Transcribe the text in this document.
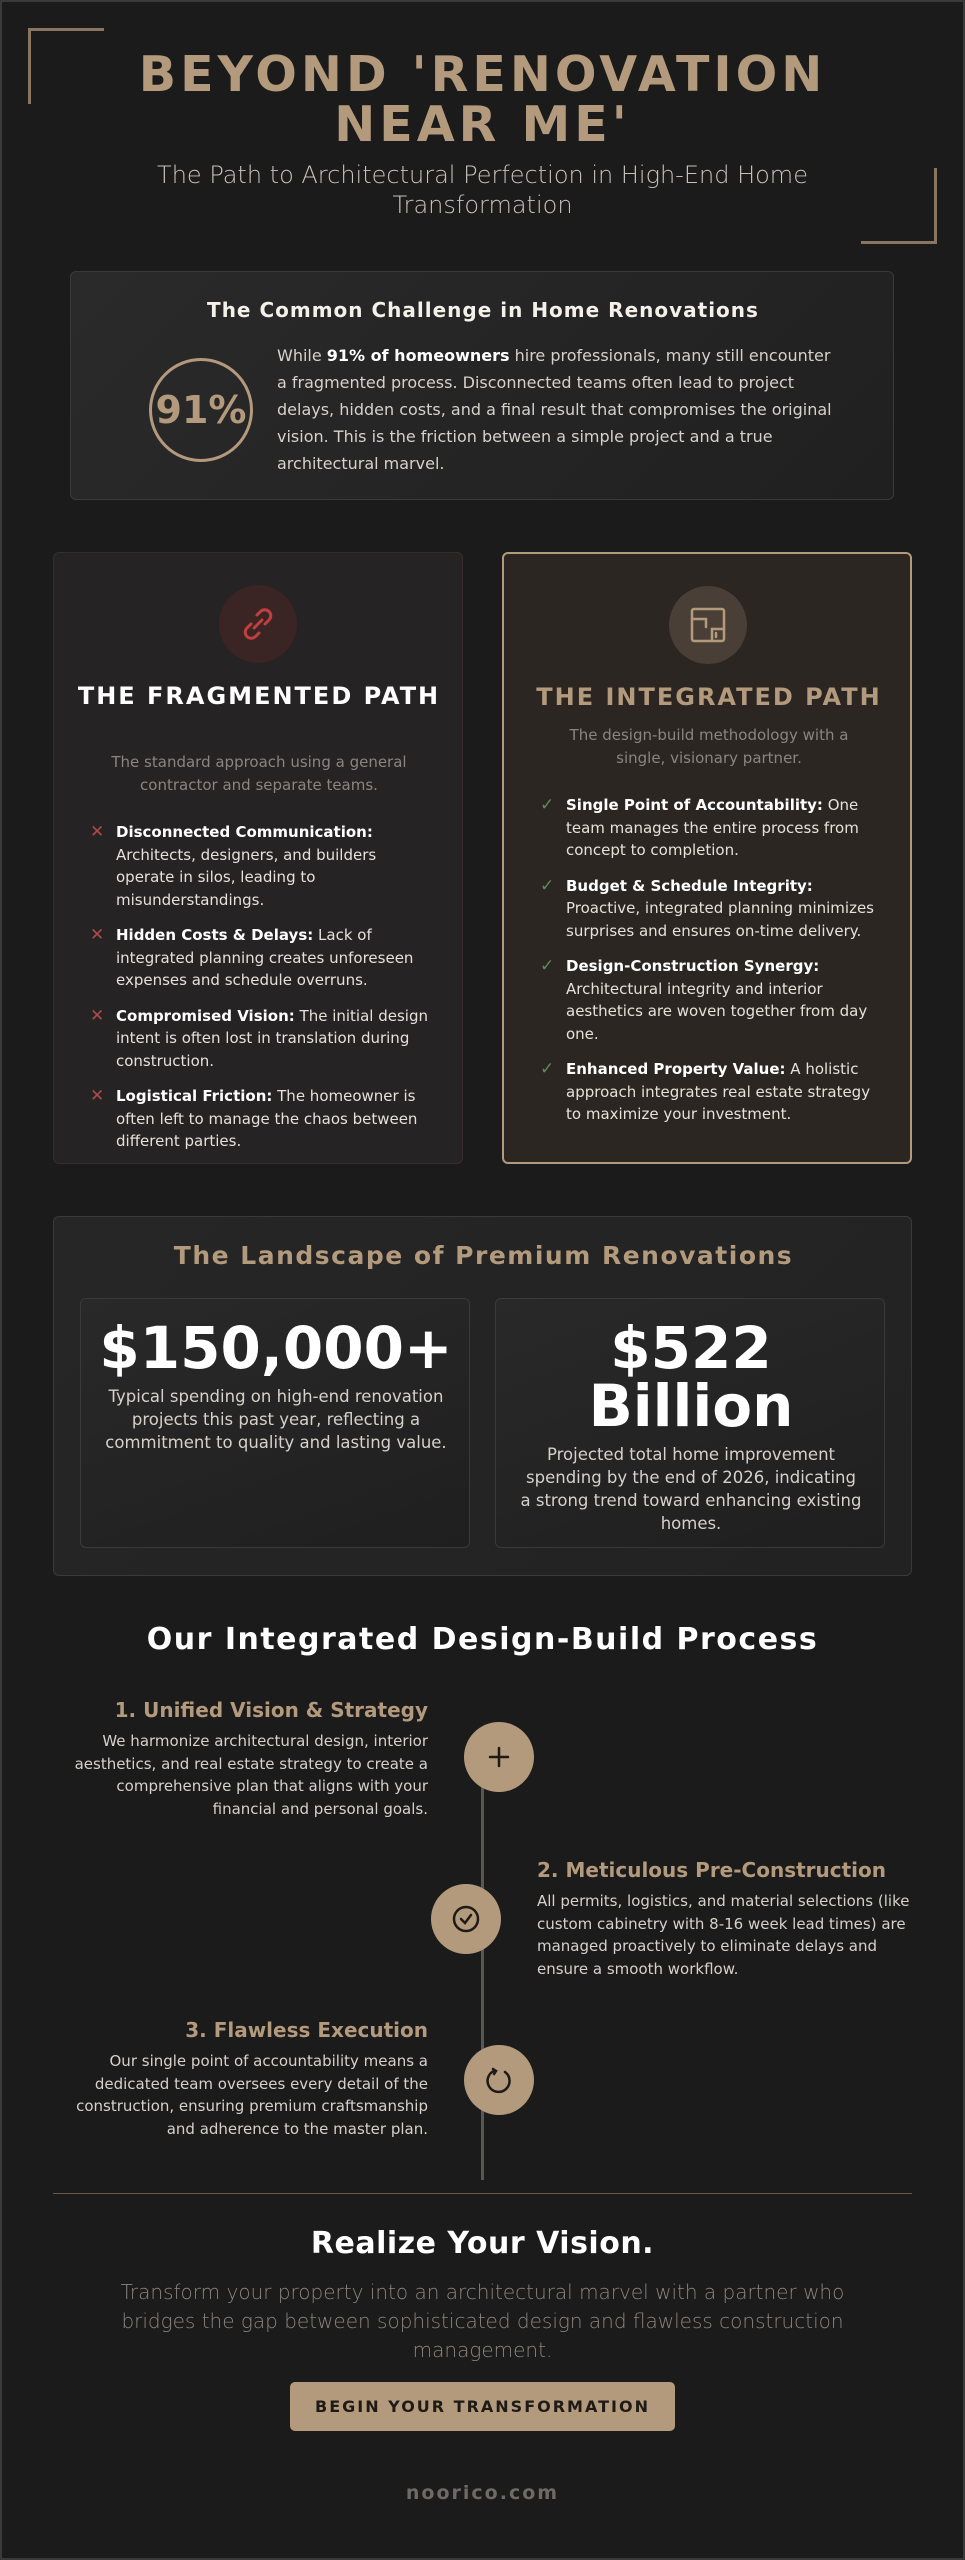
BEYOND 'RENOVATION NEAR ME'

The Path to Architectural Perfection in High-End Home Transformation

The Common Challenge in Home Renovations
91%

While 91% of homeowners hire professionals, many still encounter a fragmented process. Disconnected teams often lead to project delays, hidden costs, and a final result that compromises the original vision. This is the friction between a simple project and a true architectural marvel.

THE FRAGMENTED PATH

The standard approach using a general contractor and separate teams.

✕ Disconnected Communication: Architects, designers, and builders operate in silos, leading to misunderstandings.
✕ Hidden Costs & Delays: Lack of integrated planning creates unforeseen expenses and schedule overruns.
✕ Compromised Vision: The initial design intent is often lost in translation during construction.
✕ Logistical Friction: The homeowner is often left to manage the chaos between different parties.
THE INTEGRATED PATH

The design-build methodology with a single, visionary partner.

✓ Single Point of Accountability: One team manages the entire process from concept to completion.
✓ Budget & Schedule Integrity: Proactive, integrated planning minimizes surprises and ensures on-time delivery.
✓ Design-Construction Synergy: Architectural integrity and interior aesthetics are woven together from day one.
✓ Enhanced Property Value: A holistic approach integrates real estate strategy to maximize your investment.
The Landscape of Premium Renovations
$150,000+

Typical spending on high-end renovation projects this past year, reflecting a commitment to quality and lasting value.

$522 Billion

Projected total home improvement spending by the end of 2026, indicating a strong trend toward enhancing existing homes.

Our Integrated Design-Build Process
1. Unified Vision & Strategy
We harmonize architectural design, interior aesthetics, and real estate strategy to create a comprehensive plan that aligns with your financial and personal goals.
2. Meticulous Pre-Construction
All permits, logistics, and material selections (like custom cabinetry with 8-16 week lead times) are managed proactively to eliminate delays and ensure a smooth workflow.
3. Flawless Execution
Our single point of accountability means a dedicated team oversees every detail of the construction, ensuring premium craftsmanship and adherence to the master plan.
Realize Your Vision.

Transform your property into an architectural marvel with a partner who bridges the gap between sophisticated design and flawless construction management.

BEGIN YOUR TRANSFORMATION
noorico.com
